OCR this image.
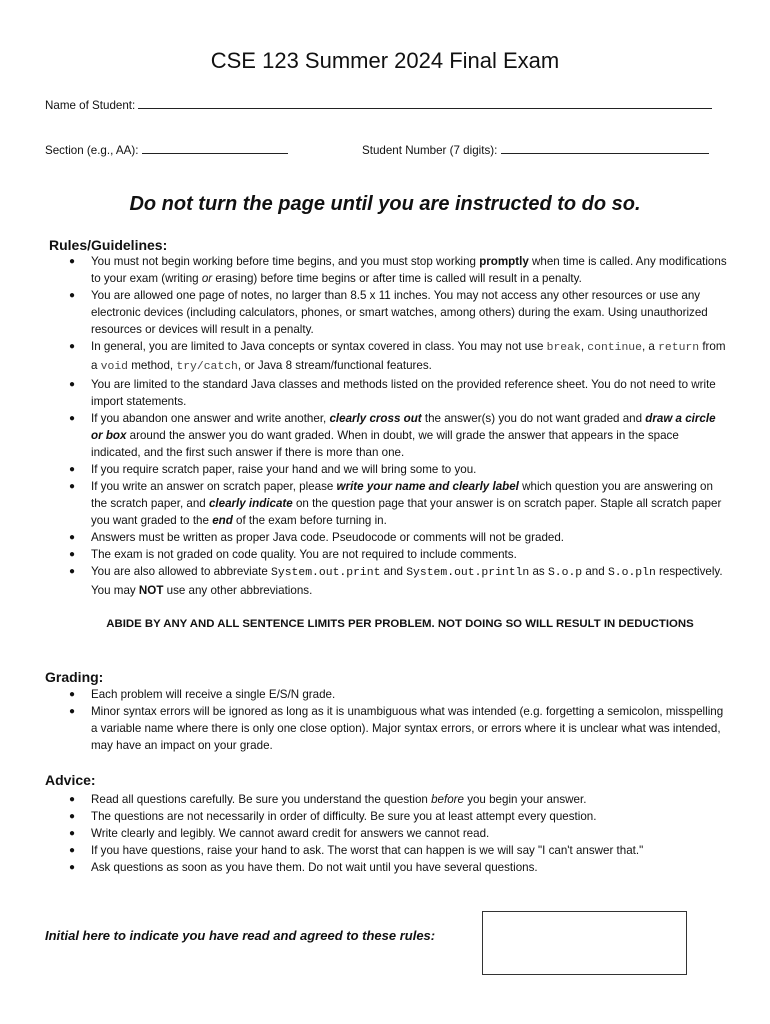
CSE 123 Summer 2024 Final Exam
Name of Student:
Section (e.g., AA):	Student Number (7 digits):
Do not turn the page until you are instructed to do so.
Rules/Guidelines:
● You must not begin working before time begins, and you must stop working promptly when time is called. Any modifications to your exam (writing or erasing) before time begins or after time is called will result in a penalty.
● You are allowed one page of notes, no larger than 8.5 x 11 inches. You may not access any other resources or use any electronic devices (including calculators, phones, or smart watches, among others) during the exam. Using unauthorized resources or devices will result in a penalty.
● In general, you are limited to Java concepts or syntax covered in class. You may not use break, continue, a return from a void method, try/catch, or Java 8 stream/functional features.
● You are limited to the standard Java classes and methods listed on the provided reference sheet. You do not need to write import statements.
● If you abandon one answer and write another, clearly cross out the answer(s) you do not want graded and draw a circle or box around the answer you do want graded. When in doubt, we will grade the answer that appears in the space indicated, and the first such answer if there is more than one.
● If you require scratch paper, raise your hand and we will bring some to you.
● If you write an answer on scratch paper, please write your name and clearly label which question you are answering on the scratch paper, and clearly indicate on the question page that your answer is on scratch paper. Staple all scratch paper you want graded to the end of the exam before turning in.
● Answers must be written as proper Java code. Pseudocode or comments will not be graded.
● The exam is not graded on code quality. You are not required to include comments.
● You are also allowed to abbreviate System.out.print and System.out.println as S.o.p and S.o.pln respectively. You may NOT use any other abbreviations.
ABIDE BY ANY AND ALL SENTENCE LIMITS PER PROBLEM. NOT DOING SO WILL RESULT IN DEDUCTIONS
Grading:
● Each problem will receive a single E/S/N grade.
● Minor syntax errors will be ignored as long as it is unambiguous what was intended (e.g. forgetting a semicolon, misspelling a variable name where there is only one close option). Major syntax errors, or errors where it is unclear what was intended, may have an impact on your grade.
Advice:
● Read all questions carefully. Be sure you understand the question before you begin your answer.
● The questions are not necessarily in order of difficulty. Be sure you at least attempt every question.
● Write clearly and legibly. We cannot award credit for answers we cannot read.
● If you have questions, raise your hand to ask. The worst that can happen is we will say "I can't answer that."
● Ask questions as soon as you have them. Do not wait until you have several questions.
Initial here to indicate you have read and agreed to these rules:
